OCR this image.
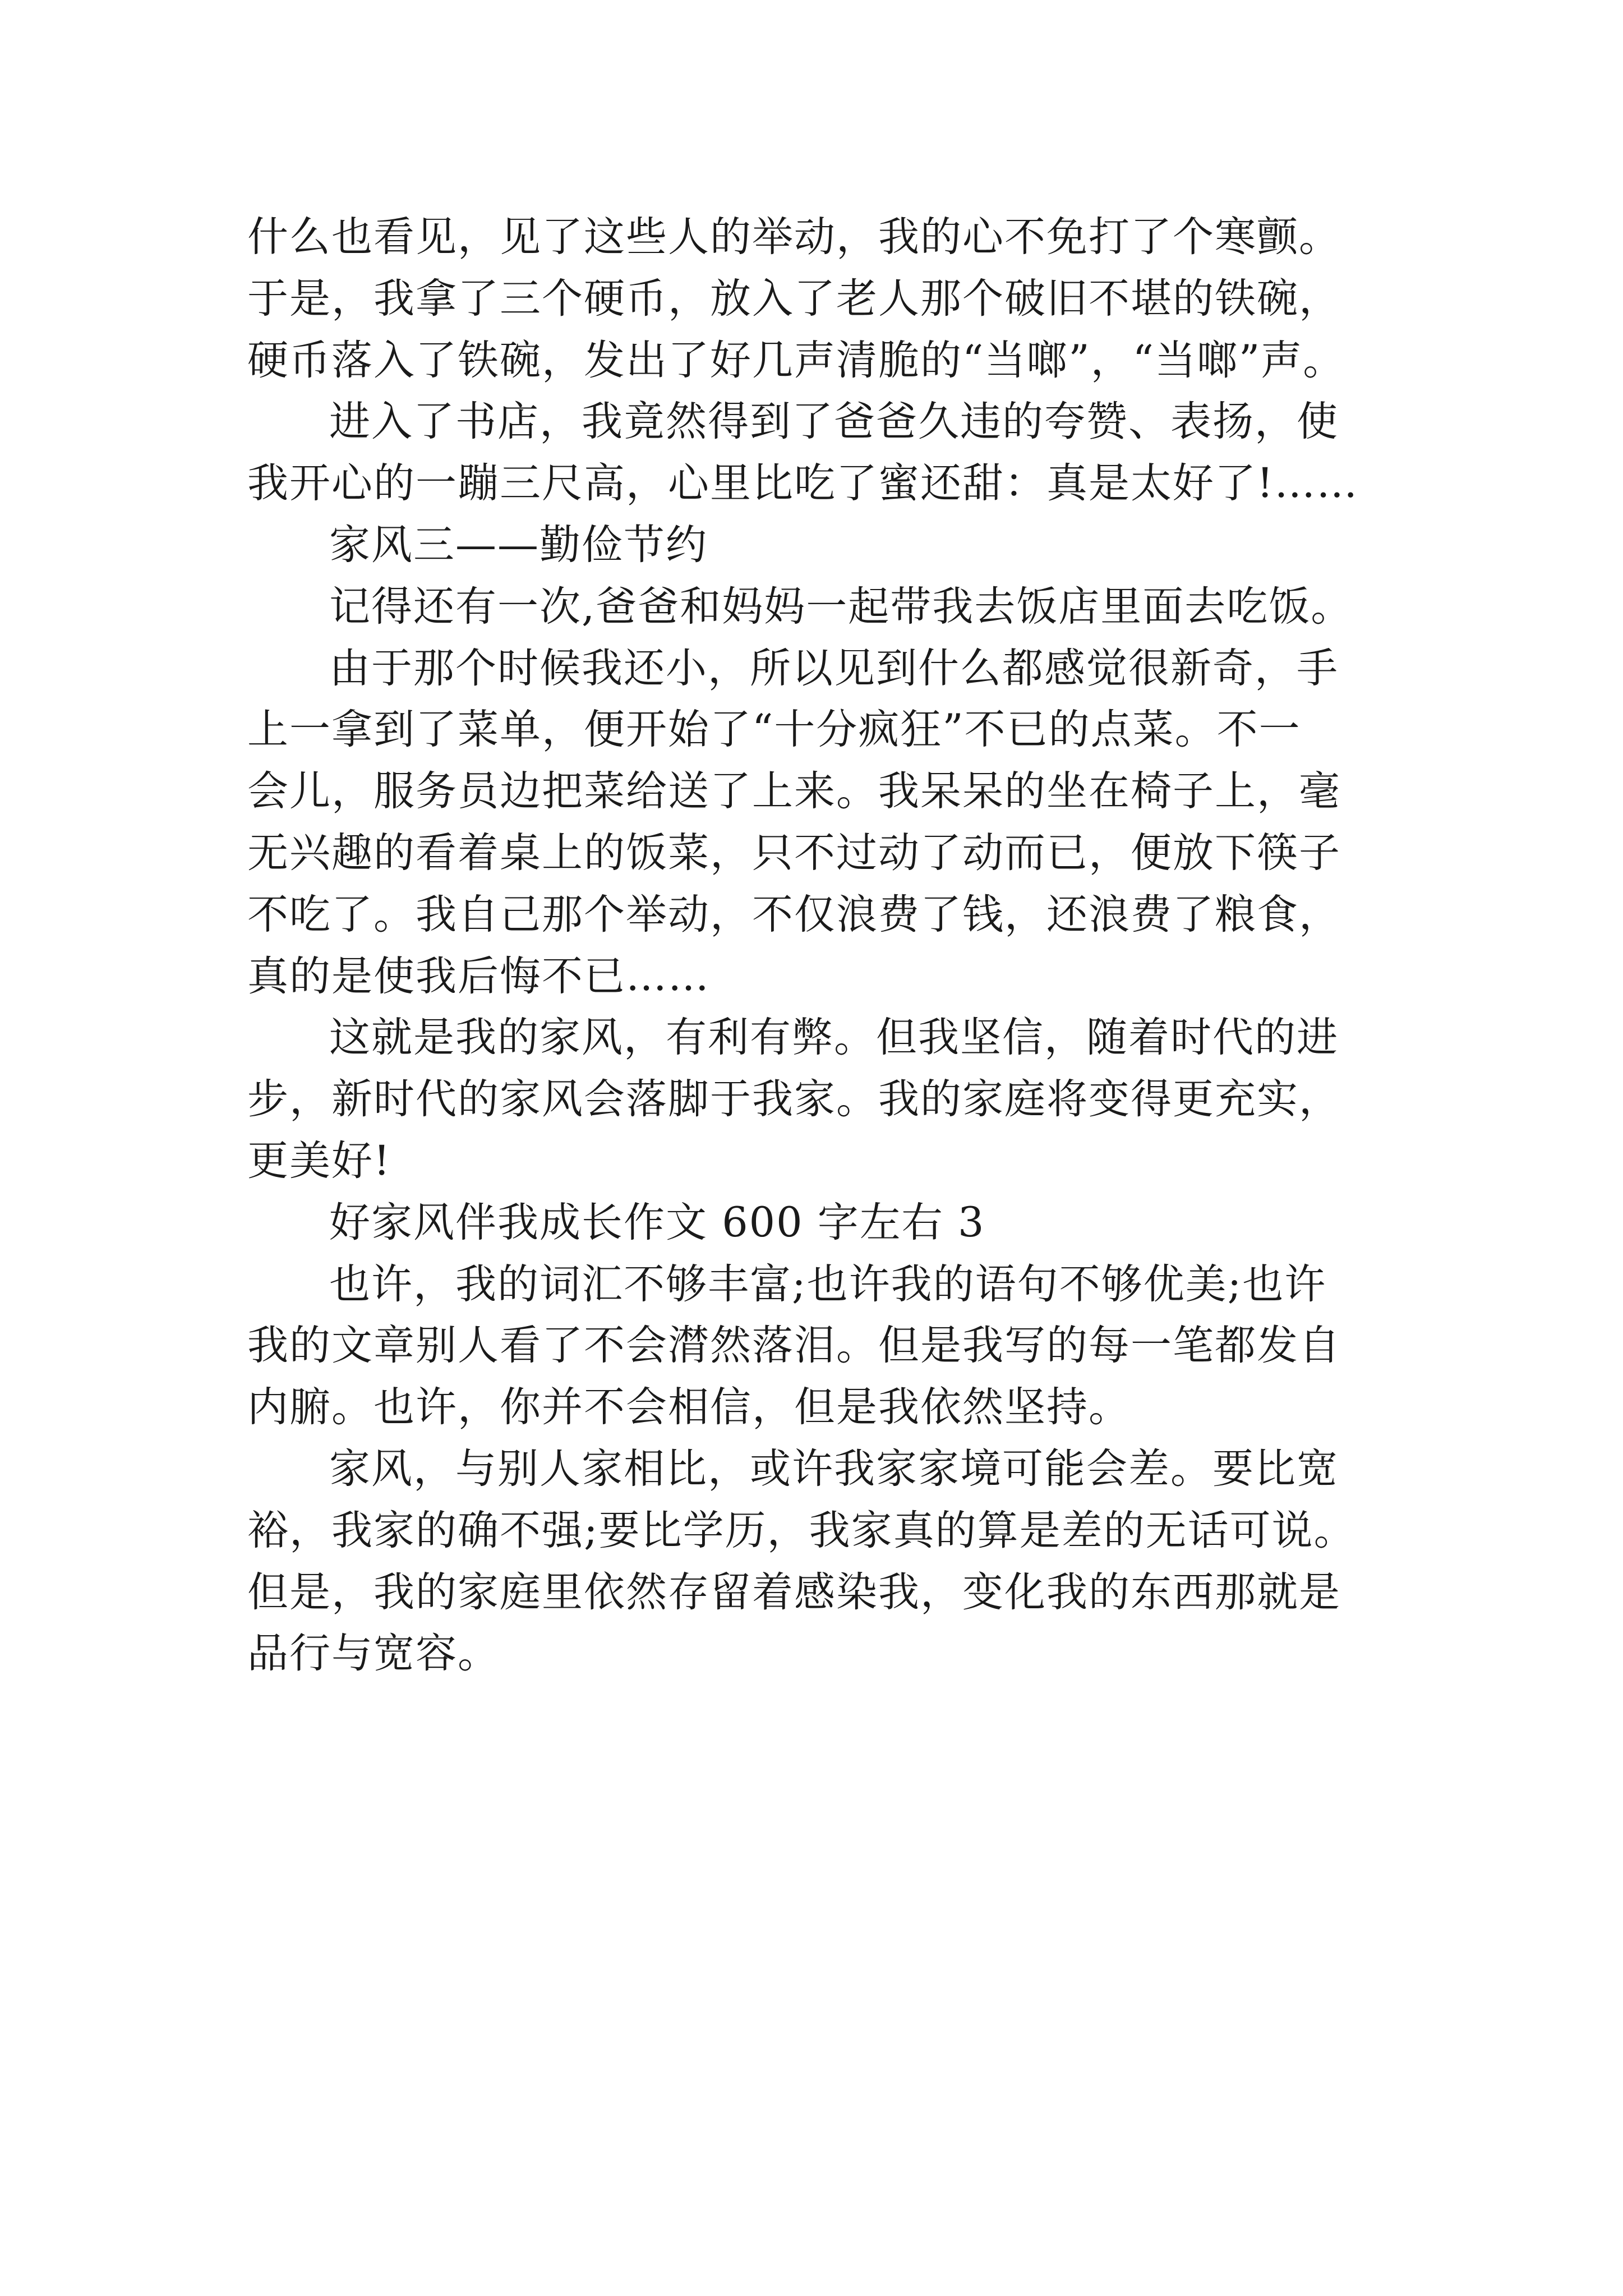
什么也看见，见了这些人的举动，我的心不免打了个寒颤。
于是，我拿了三个硬币，放入了老人那个破旧不堪的铁碗，
硬币落入了铁碗，发出了好几声清脆的“当啷”，“当啷”声。
进入了书店，我竟然得到了爸爸久违的夸赞、表扬，使
我开心的一蹦三尺高，心里比吃了蜜还甜：真是太好了!……
家风三——勤俭节约
记得还有一次,爸爸和妈妈一起带我去饭店里面去吃饭。
由于那个时候我还小，所以见到什么都感觉很新奇，手
上一拿到了菜单，便开始了“十分疯狂”不已的点菜。不一
会儿，服务员边把菜给送了上来。我呆呆的坐在椅子上，毫
无兴趣的看着桌上的饭菜，只不过动了动而已，便放下筷子
不吃了。我自己那个举动，不仅浪费了钱，还浪费了粮食，
真的是使我后悔不已……
这就是我的家风，有利有弊。但我坚信，随着时代的进
步，新时代的家风会落脚于我家。我的家庭将变得更充实，
更美好!
好家风伴我成长作文 600 字左右 3
也许，我的词汇不够丰富;也许我的语句不够优美;也许
我的文章别人看了不会潸然落泪。但是我写的每一笔都发自
内腑。也许，你并不会相信，但是我依然坚持。
家风，与别人家相比，或许我家家境可能会差。要比宽
裕，我家的确不强;要比学历，我家真的算是差的无话可说。
但是，我的家庭里依然存留着感染我，变化我的东西那就是
品行与宽容。
